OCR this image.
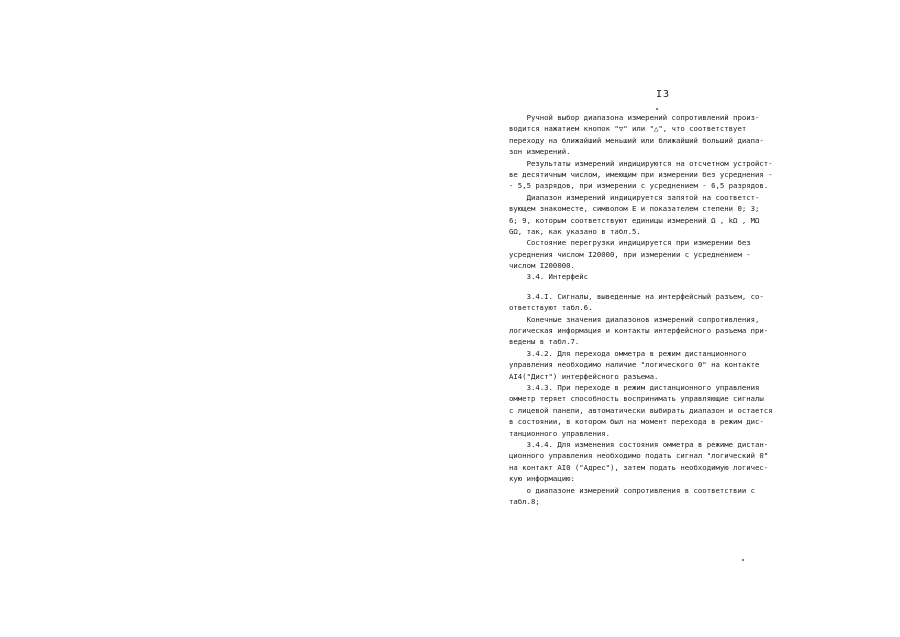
I3
Ручной выбор диапазона измерений сопротивлений произ-
водится нажатием кнопок "▽" или "△", что соответствует
переходу на ближайший меньший или ближайший больший диапа-
зон измерений.
Результаты измерений индицируются на отсчетном устройст-
ве десятичным числом, имеющим при измерении без усреднения -
- 5,5 разрядов, при измерении с усреднением - 6,5 разрядов.
Диапазон измерений индицируется запятой на соответст-
вующем знакоместе, символом E и показателем степени 0; 3;
6; 9, которым соответствуют единицы измерений Ω , kΩ , MΩ
GΩ, так, как указано в табл.5.
Состояние перегрузки индицируется при измерении без
усреднения числом I20000, при измерении с усреднением -
числом I200000.
3.4. Интерфейс
3.4.I. Сигналы, выведенные на интерфейсный разъем, со-
ответствуют табл.6.
Конечные значения диапазонов измерений сопротивления,
логическая информация и контакты интерфейсного разъема при-
ведены в табл.7.
3.4.2. Для перехода омметра в режим дистанционного
управления необходимо наличие "логического 0" на контакте
AI4("Дист") интерфейсного разъема.
3.4.3. При переходе в режим дистанционного управления
омметр теряет способность воспринимать управляющие сигналы
с лицевой панели, автоматически выбирать диапазон и остается
в состоянии, в котором был на момент перехода в режим дис-
танционного управления.
3.4.4. Для изменения состояния омметра в режиме дистан-
ционного управления необходимо подать сигнал "логический 0"
на контакт AI0 ("Адрес"), затем подать необходимую логичес-
кую информацию:
о диапазоне измерений сопротивления в соответствии с
табл.8;
